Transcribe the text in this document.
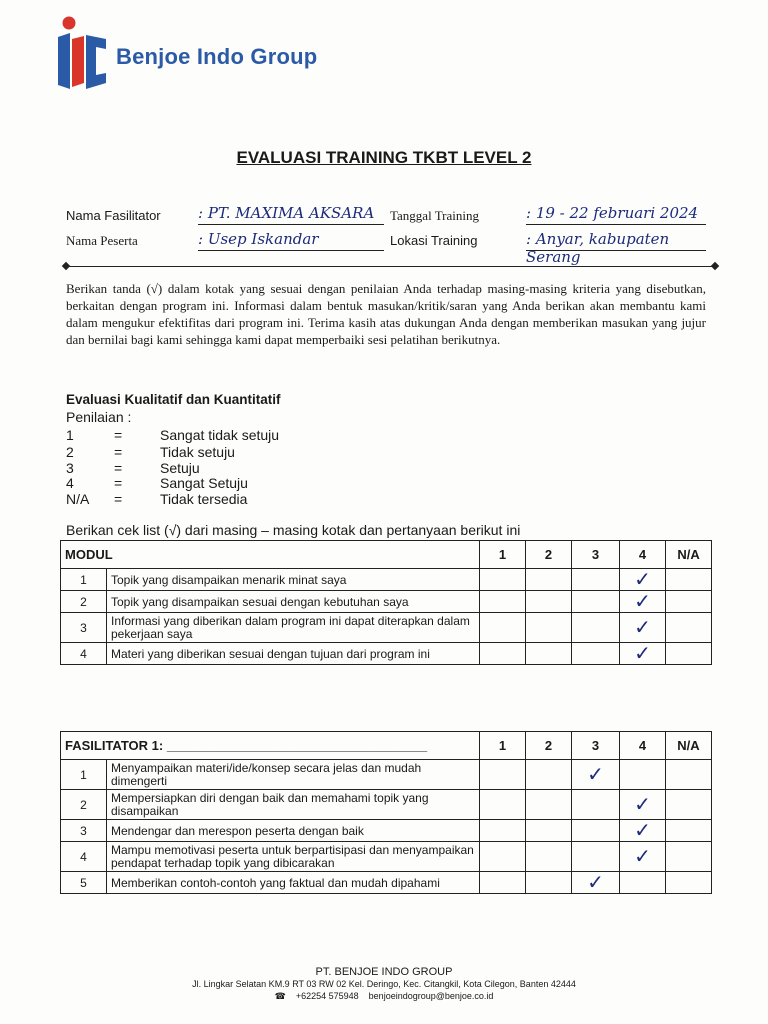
Benjoe Indo Group
EVALUASI TRAINING TKBT LEVEL 2
Nama Fasilitator : PT. MAXIMA AKSARA
Nama Peserta	: Usep Iskandar
Tanggal Training	: 19 - 22 februari 2024
Lokasi Training	: Anyar, kabupaten Serang
Berikan tanda (√) dalam kotak yang sesuai dengan penilaian Anda terhadap masing-masing kriteria yang disebutkan, berkaitan dengan program ini. Informasi dalam bentuk masukan/kritik/saran yang Anda berikan akan membantu kami dalam mengukur efektifitas dari program ini. Terima kasih atas dukungan Anda dengan memberikan masukan yang jujur dan bernilai bagi kami sehingga kami dapat memperbaiki sesi pelatihan berikutnya.
Evaluasi Kualitatif dan Kuantitatif
Penilaian :
1	=	Sangat tidak setuju
2	=	Tidak setuju
3	=	Setuju
4	=	Sangat Setuju
N/A =	Tidak tersedia
Berikan cek list (√) dari masing – masing kotak dan pertanyaan berikut ini
MODUL		1	2	3	4	N/A
1	Topik yang disampaikan menarik minat saya				✓	
2	Topik yang disampaikan sesuai dengan kebutuhan saya				✓	
3	Informasi yang diberikan dalam program ini dapat diterapkan dalam pekerjaan saya				✓	
4	Materi yang diberikan sesuai dengan tujuan dari program ini				✓	
FASILITATOR 1: ____________________________________		1	2	3	4	N/A
1	Menyampaikan materi/ide/konsep secara jelas dan mudah dimengerti			✓		
2	Mempersiapkan diri dengan baik dan memahami topik yang disampaikan				✓	
3	Mendengar dan merespon peserta dengan baik				✓	
4	Mampu memotivasi peserta untuk berpartisipasi dan menyampaikan pendapat terhadap topik yang dibicarakan				✓	
5	Memberikan contoh-contoh yang faktual dan mudah dipahami			✓		
PT. BENJOE INDO GROUP
Jl. Lingkar Selatan KM.9 RT 03 RW 02 Kel. Deringo, Kec. Citangkil, Kota Cilegon, Banten 42444
☎ +62254 575948 benjoeindogroup@benjoe.co.id
